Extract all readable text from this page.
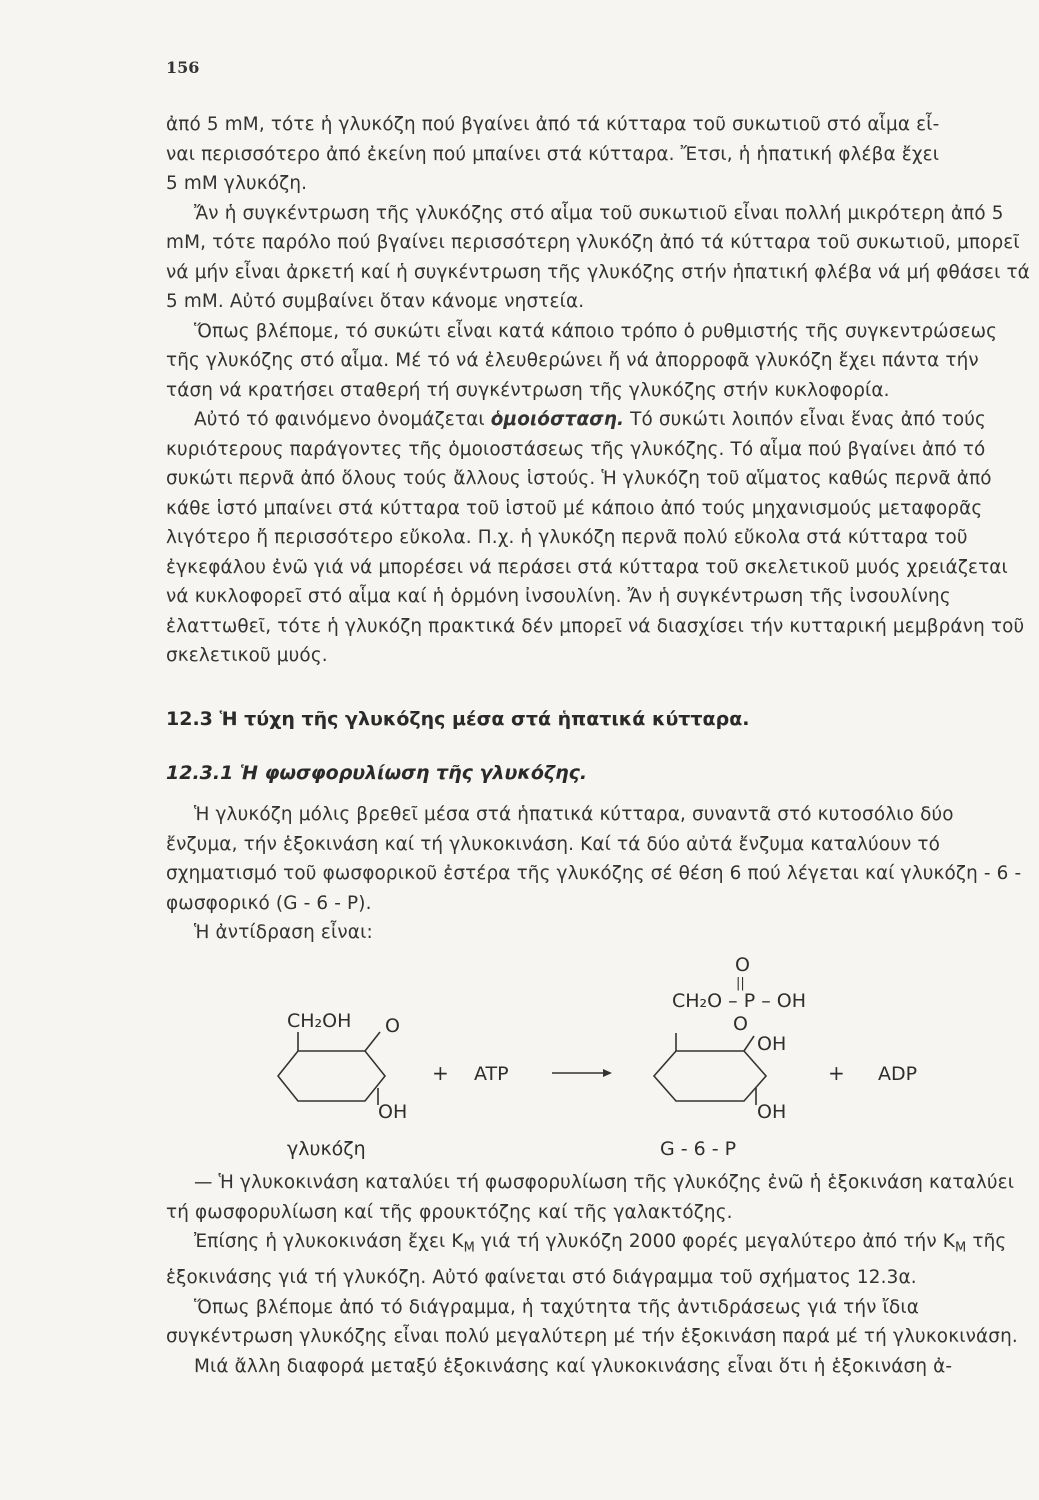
156

ἀπό 5 mM, τότε ἡ γλυκόζη πού βγαίνει ἀπό τά κύτταρα τοῦ συκωτιοῦ στό αἷμα εἶ-

ναι περισσότερο ἀπό ἐκείνη πού μπαίνει στά κύτταρα. Ἔτσι, ἡ ἡπατική φλέβα ἔχει

5 mM γλυκόζη.

Ἄν ἡ συγκέντρωση τῆς γλυκόζης στό αἷμα τοῦ συκωτιοῦ εἶναι πολλή μικρότερη ἀπό 5 mM, τότε παρόλο πού βγαίνει περισσότερη γλυκόζη ἀπό τά κύτταρα τοῦ συκωτιοῦ, μπορεῖ νά μήν εἶναι ἀρκετή καί ἡ συγκέντρωση τῆς γλυκόζης στήν ἡπατική φλέβα νά μή φθάσει τά 5 mM. Αὐτό συμβαίνει ὅταν κάνομε νηστεία.

Ὅπως βλέπομε, τό συκώτι εἶναι κατά κάποιο τρόπο ὁ ρυθμιστής τῆς συγκεντρώσεως τῆς γλυκόζης στό αἷμα. Μέ τό νά ἐλευθερώνει ἤ νά ἀπορροφᾶ γλυκόζη ἔχει πάντα τήν τάση νά κρατήσει σταθερή τή συγκέντρωση τῆς γλυκόζης στήν κυκλοφορία.

Αὐτό τό φαινόμενο ὀνομάζεται ὁμοιόσταση. Τό συκώτι λοιπόν εἶναι ἕνας ἀπό τούς κυριότερους παράγοντες τῆς ὁμοιοστάσεως τῆς γλυκόζης. Τό αἷμα πού βγαίνει ἀπό τό συκώτι περνᾶ ἀπό ὅλους τούς ἄλλους ἱστούς. Ἡ γλυκόζη τοῦ αἵματος καθώς περνᾶ ἀπό κάθε ἱστό μπαίνει στά κύτταρα τοῦ ἱστοῦ μέ κάποιο ἀπό τούς μηχανισμούς μεταφορᾶς λιγότερο ἤ περισσότερο εὔκολα. Π.χ. ἡ γλυκόζη περνᾶ πολύ εὔκολα στά κύτταρα τοῦ ἐγκεφάλου ἐνῶ γιά νά μπορέσει νά περάσει στά κύτταρα τοῦ σκελετικοῦ μυός χρειάζεται νά κυκλοφορεῖ στό αἷμα καί ἡ ὁρμόνη ἰνσουλίνη. Ἄν ἡ συγκέντρωση τῆς ἰνσουλίνης ἐλαττωθεῖ, τότε ἡ γλυκόζη πρακτικά δέν μπορεῖ νά διασχίσει τήν κυτταρική μεμβράνη τοῦ σκελετικοῦ μυός.

12.3 Ἡ τύχη τῆς γλυκόζης μέσα στά ἡπατικά κύτταρα.
12.3.1 Ἡ φωσφορυλίωση τῆς γλυκόζης.

Ἡ γλυκόζη μόλις βρεθεῖ μέσα στά ἡπατικά κύτταρα, συναντᾶ στό κυτοσόλιο δύο ἔνζυμα, τήν ἑξοκινάση καί τή γλυκοκινάση. Καί τά δύο αὐτά ἔνζυμα καταλύουν τό σχηματισμό τοῦ φωσφορικοῦ ἐστέρα τῆς γλυκόζης σέ θέση 6 πού λέγεται καί γλυκόζη - 6 - φωσφορικό (G - 6 - P).

Ἡ ἀντίδραση εἶναι:

CH₂OH O
OH
γλυκόζη
+ ATP
O
||
CH₂O – P – OH
O
OH
OH
G - 6 - P
+ ADP

— Ἡ γλυκοκινάση καταλύει τή φωσφορυλίωση τῆς γλυκόζης ἐνῶ ἡ ἑξοκινάση καταλύει τή φωσφορυλίωση καί τῆς φρουκτόζης καί τῆς γαλακτόζης.

Ἐπίσης ἡ γλυκοκινάση ἔχει $K_M$ γιά τή γλυκόζη 2000 φορές μεγαλύτερο ἀπό τήν $K_M$ τῆς ἑξοκινάσης γιά τή γλυκόζη. Αὐτό φαίνεται στό διάγραμμα τοῦ σχήματος 12.3α.

Ὅπως βλέπομε ἀπό τό διάγραμμα, ἡ ταχύτητα τῆς ἀντιδράσεως γιά τήν ἴδια συγκέντρωση γλυκόζης εἶναι πολύ μεγαλύτερη μέ τήν ἑξοκινάση παρά μέ τή γλυκοκινάση.

Μιά ἄλλη διαφορά μεταξύ ἑξοκινάσης καί γλυκοκινάσης εἶναι ὅτι ἡ ἑξοκινάση ἀ-
